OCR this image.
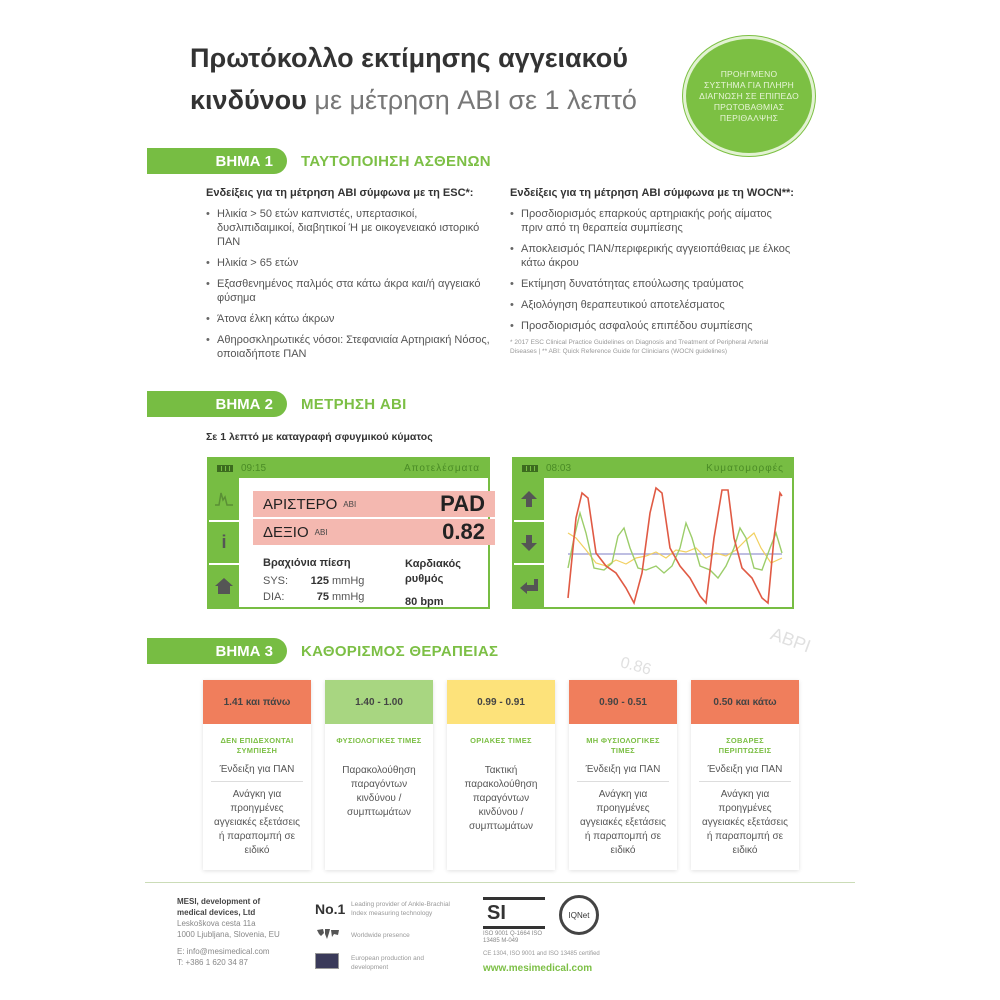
Πρωτόκολλο εκτίμησης αγγειακού
κινδύνου με μέτρηση ABI σε 1 λεπτό
ΠΡΟΗΓΜΕΝΟ ΣΥΣΤΗΜΑ ΓΙΑ ΠΛΗΡΗ ΔΙΑΓΝΩΣΗ ΣΕ ΕΠΙΠΕΔΟ ΠΡΩΤΟΒΑΘΜΙΑΣ ΠΕΡΙΘΑΛΨΗΣ
ΒΗΜΑ 1	ΤΑΥΤΟΠΟΙΗΣΗ ΑΣΘΕΝΩΝ
Ενδείξεις για τη μέτρηση ABI σύμφωνα με τη ESC*:
• Ηλικία > 50 ετών καπνιστές, υπερτασικοί, δυσλιπιδαιμικοί, διαβητικοί Ή με οικογενειακό ιστορικό ΠΑΝ
• Ηλικία > 65 ετών
• Εξασθενημένος παλμός στα κάτω άκρα και/ή αγγειακό φύσημα
• Άτονα έλκη κάτω άκρων
• Αθηροσκληρωτικές νόσοι: Στεφανιαία Αρτηριακή Νόσος, οποιαδήποτε ΠΑΝ
Ενδείξεις για τη μέτρηση ABI σύμφωνα με τη WOCN**:
• Προσδιορισμός επαρκούς αρτηριακής ροής αίματος πριν από τη θεραπεία συμπίεσης
• Αποκλεισμός ΠΑΝ/περιφερικής αγγειοπάθειας με έλκος κάτω άκρου
• Εκτίμηση δυνατότητας επούλωσης τραύματος
• Αξιολόγηση θεραπευτικού αποτελέσματος
• Προσδιορισμός ασφαλούς επιπέδου συμπίεσης
* 2017 ESC Clinical Practice Guidelines on Diagnosis and Treatment of Peripheral Arterial Diseases | ** ABI: Quick Reference Guide for Clinicians (WOCN guidelines)
ΒΗΜΑ 2	ΜΕΤΡΗΣΗ ABI
Σε 1 λεπτό με καταγραφή σφυγμικού κύματος
09:15	Αποτελέσματα
i
ΑΡΙΣΤΕΡΟ ABI	PAD
ΔΕΞΙΟ ABI	0.82
Βραχιόνια πίεση
SYS:	125 mmHg
DIA:	75 mmHg
Καρδιακός
ρυθμός
80 bpm
08:03	Κυματομορφές
ABPI
0.86
ΒΗΜΑ 3	ΚΑΘΟΡΙΣΜΟΣ ΘΕΡΑΠΕΙΑΣ
1.41 και πάνω
ΔΕΝ ΕΠΙΔΕΧΟΝΤΑΙ ΣΥΜΠΙΕΣΗ
Ένδειξη για ΠΑΝ
Ανάγκη για προηγμένες αγγειακές εξετάσεις ή παραπομπή σε ειδικό
1.40 - 1.00
ΦΥΣΙΟΛΟΓΙΚΕΣ ΤΙΜΕΣ
Παρακολούθηση παραγόντων κινδύνου / συμπτωμάτων
0.99 - 0.91
ΟΡΙΑΚΕΣ ΤΙΜΕΣ
Τακτική παρακολούθηση παραγόντων κινδύνου / συμπτωμάτων
0.90 - 0.51
ΜΗ ΦΥΣΙΟΛΟΓΙΚΕΣ ΤΙΜΕΣ
Ένδειξη για ΠΑΝ
Ανάγκη για προηγμένες αγγειακές εξετάσεις ή παραπομπή σε ειδικό
0.50 και κάτω
ΣΟΒΑΡΕΣ ΠΕΡΙΠΤΩΣΕΙΣ
Ένδειξη για ΠΑΝ
Ανάγκη για προηγμένες αγγειακές εξετάσεις ή παραπομπή σε ειδικό
MESI, development of
medical devices, Ltd
Leskoškova cesta 11a
1000 Ljubljana, Slovenia, EU
E: info@mesimedical.com
T: +386 1 620 34 87
No.1 Leading provider of Ankle-Brachial Index measuring technology
Worldwide presence
European production and development
SI
ISO 9001 Q-1664 ISO 13485 M-049
IQNet
CE 1304, ISO 9001 and ISO 13485 certified
www.mesimedical.com
